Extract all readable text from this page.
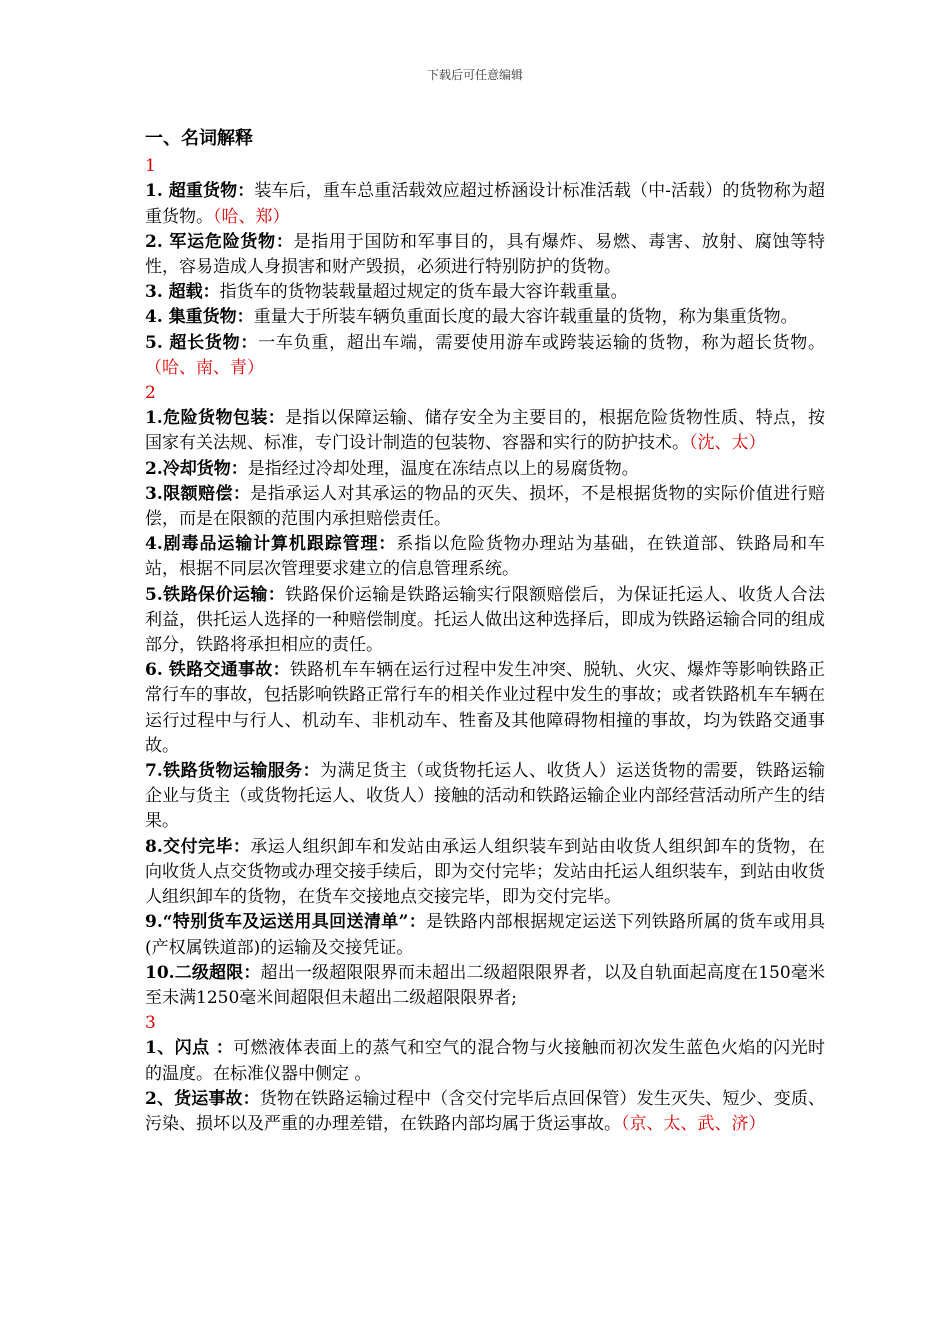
下载后可任意编辑
一、名词解释
1

1. 超重货物：装车后，重车总重活载效应超过桥涵设计标准活载（中-活载）的货物称为超重货物。（哈、郑）

2. 军运危险货物：是指用于国防和军事目的，具有爆炸、易燃、毒害、放射、腐蚀等特性，容易造成人身损害和财产毁损，必须进行特别防护的货物。

3. 超载：指货车的货物装载量超过规定的货车最大容许载重量。

4. 集重货物：重量大于所装车辆负重面长度的最大容许载重量的货物，称为集重货物。

5. 超长货物：一车负重，超出车端，需要使用游车或跨装运输的货物，称为超长货物。（哈、南、青）

2

1.危险货物包装：是指以保障运输、储存安全为主要目的，根据危险货物性质、特点，按国家有关法规、标准，专门设计制造的包装物、容器和实行的防护技术。（沈、太）

2.冷却货物：是指经过冷却处理，温度在冻结点以上的易腐货物。

3.限额赔偿：是指承运人对其承运的物品的灭失、损坏，不是根据货物的实际价值进行赔偿，而是在限额的范围内承担赔偿责任。

4.剧毒品运输计算机跟踪管理：系指以危险货物办理站为基础，在铁道部、铁路局和车站，根据不同层次管理要求建立的信息管理系统。

5.铁路保价运输：铁路保价运输是铁路运输实行限额赔偿后，为保证托运人、收货人合法利益，供托运人选择的一种赔偿制度。托运人做出这种选择后，即成为铁路运输合同的组成部分，铁路将承担相应的责任。

6. 铁路交通事故：铁路机车车辆在运行过程中发生冲突、脱轨、火灾、爆炸等影响铁路正常行车的事故，包括影响铁路正常行车的相关作业过程中发生的事故；或者铁路机车车辆在运行过程中与行人、机动车、非机动车、牲畜及其他障碍物相撞的事故，均为铁路交通事故。

7.铁路货物运输服务：为满足货主（或货物托运人、收货人）运送货物的需要，铁路运输企业与货主（或货物托运人、收货人）接触的活动和铁路运输企业内部经营活动所产生的结果。

8.交付完毕：承运人组织卸车和发站由承运人组织装车到站由收货人组织卸车的货物，在向收货人点交货物或办理交接手续后，即为交付完毕；发站由托运人组织装车，到站由收货人组织卸车的货物，在货车交接地点交接完毕，即为交付完毕。

9.“特别货车及运送用具回送清单”：是铁路内部根据规定运送下列铁路所属的货车或用具(产权属铁道部)的运输及交接凭证。

10.二级超限：超出一级超限限界而未超出二级超限限界者，以及自轨面起高度在150毫米至未满1250毫米间超限但未超出二级超限限界者;

3

1、闪点 ：可燃液体表面上的蒸气和空气的混合物与火接触而初次发生蓝色火焰的闪光时的温度。在标准仪器中侧定 。

2、货运事故：货物在铁路运输过程中（含交付完毕后点回保管）发生灭失、短少、变质、污染、损坏以及严重的办理差错，在铁路内部均属于货运事故。（京、太、武、济）
